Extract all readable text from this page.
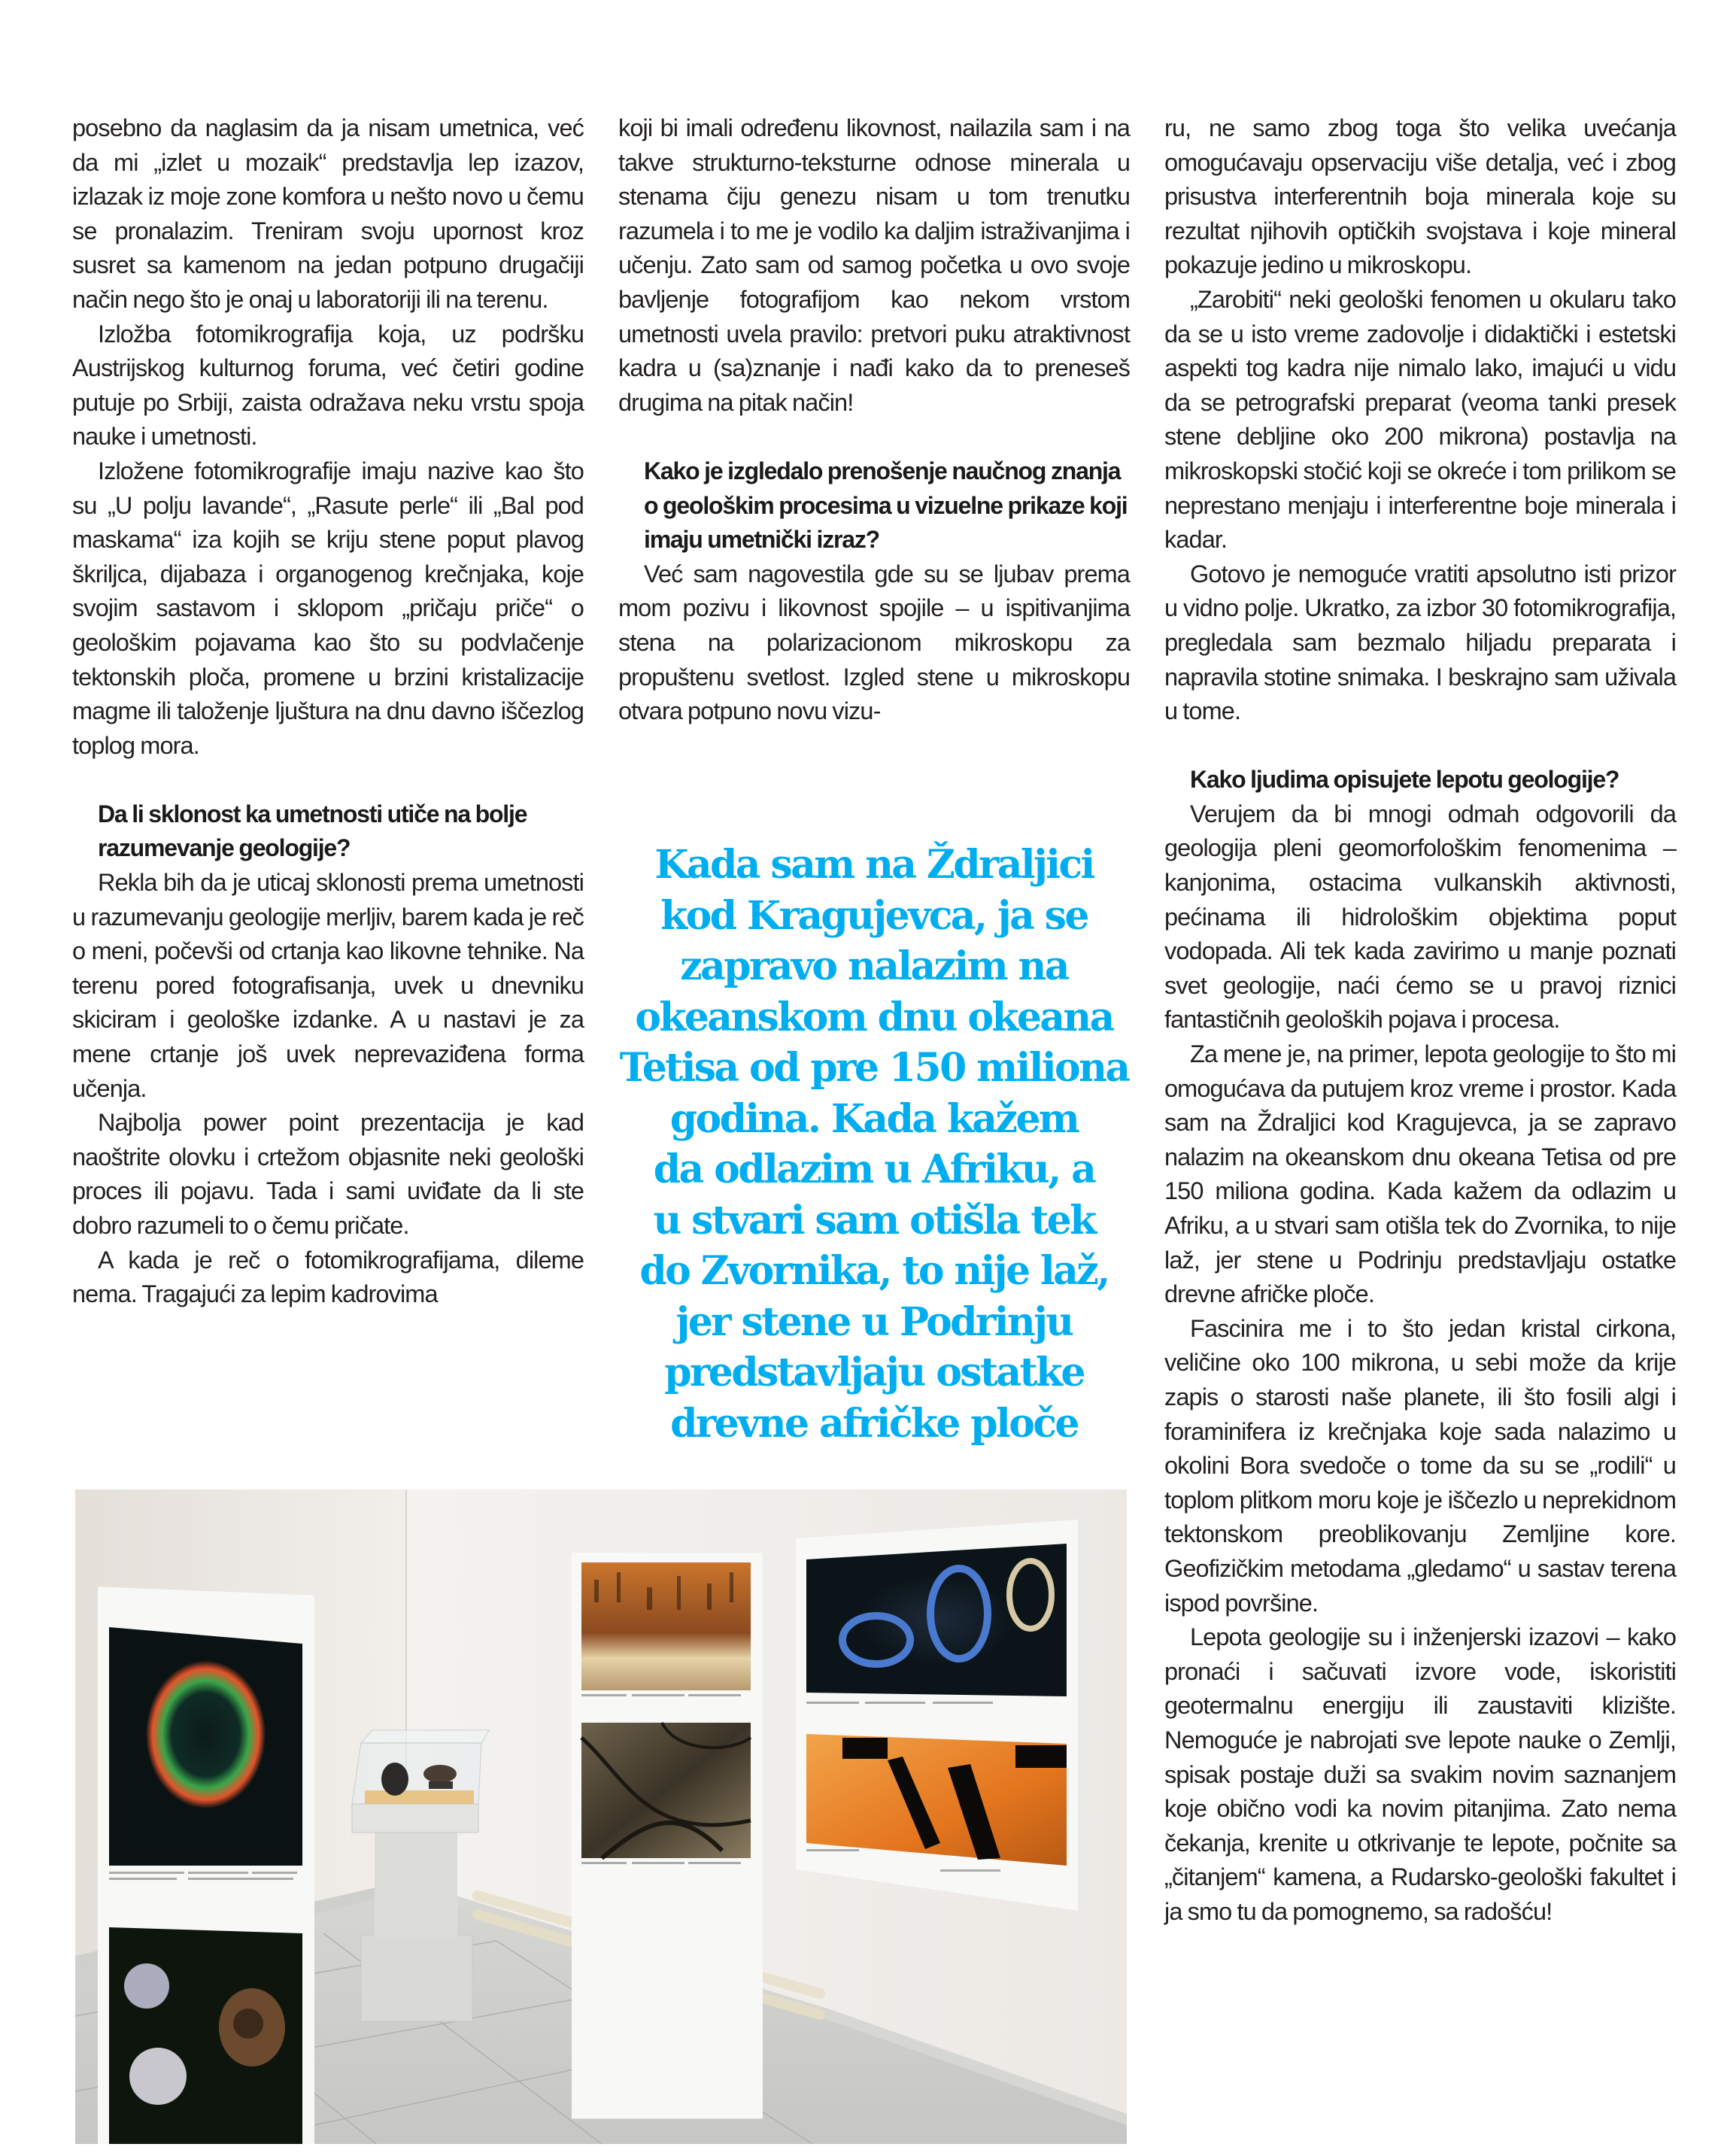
posebno da naglasim da ja nisam umetnica, već da mi „izlet u mozaik“ predstavlja lep izazov, izlazak iz moje zone komfora u nešto novo u čemu se pronalazim. Treniram svoju upornost kroz susret sa kamenom na jedan potpuno drugačiji način nego što je onaj u laboratoriji ili na terenu.

Izložba fotomikrografija koja, uz podršku Austrijskog kulturnog foruma, već četiri godine putuje po Srbiji, zaista odražava neku vrstu spoja nauke i umetnosti.

Izložene fotomikrografije imaju nazive kao što su „U polju lavande“, „Rasute perle“ ili „Bal pod maskama“ iza kojih se kriju stene poput plavog škriljca, dijabaza i organogenog krečnjaka, koje svojim sastavom i sklopom „pričaju priče“ o geološkim pojavama kao što su podvlačenje tektonskih ploča, promene u brzini kristalizacije magme ili taloženje ljuštura na dnu davno iščezlog toplog mora.

Da li sklonost ka umetnosti utiče na bolje razumevanje geologije?

Rekla bih da je uticaj sklonosti prema umetnosti u razumevanju geologije merljiv, barem kada je reč o meni, počevši od crtanja kao likovne tehnike. Na terenu pored fotografisanja, uvek u dnevniku skiciram i geološke izdanke. A u nastavi je za mene crtanje još uvek neprevaziđena forma učenja.

Najbolja power point prezentacija je kad naoštrite olovku i crtežom objasnite neki geološki proces ili pojavu. Tada i sami uviđate da li ste dobro razumeli to o čemu pričate.

A kada je reč o fotomikrografijama, dileme nema. Tragajući za lepim kadrovima

koji bi imali određenu likovnost, nailazila sam i na takve strukturno-teksturne odnose minerala u stenama čiju genezu nisam u tom trenutku razumela i to me je vodilo ka daljim istraživanjima i učenju. Zato sam od samog početka u ovo svoje bavljenje fotografijom kao nekom vrstom umetnosti uvela pravilo: pretvori puku atraktivnost kadra u (sa)znanje i nađi kako da to preneseš drugima na pitak način!

Kako je izgledalo prenošenje naučnog znanja o geološkim procesima u vizuelne prikaze koji imaju umetnički izraz?

Već sam nagovestila gde su se ljubav prema mom pozivu i likovnost spojile – u ispitivanjima stena na polarizacionom mikroskopu za propuštenu svetlost. Izgled stene u mikroskopu otvara potpuno novu vizu-

ru, ne samo zbog toga što velika uvećanja omogućavaju opservaciju više detalja, već i zbog prisustva interferentnih boja minerala koje su rezultat njihovih optičkih svojstava i koje mineral pokazuje jedino u mikroskopu.

„Zarobiti“ neki geološki fenomen u okularu tako da se u isto vreme zadovolje i didaktički i estetski aspekti tog kadra nije nimalo lako, imajući u vidu da se petrografski preparat (veoma tanki presek stene debljine oko 200 mikrona) postavlja na mikroskopski stočić koji se okreće i tom prilikom se neprestano menjaju i interferentne boje minerala i kadar.

Gotovo je nemoguće vratiti apsolutno isti prizor u vidno polje. Ukratko, za izbor 30 fotomikrografija, pregledala sam bezmalo hiljadu preparata i napravila stotine snimaka. I beskrajno sam uživala u tome.

Kako ljudima opisujete lepotu geologije?

Verujem da bi mnogi odmah odgovorili da geologija pleni geomorfološkim fenomenima – kanjonima, ostacima vulkanskih aktivnosti, pećinama ili hidrološkim objektima poput vodopada. Ali tek kada zavirimo u manje poznati svet geologije, naći ćemo se u pravoj riznici fantastičnih geoloških pojava i procesa.

Za mene je, na primer, lepota geologije to što mi omogućava da putujem kroz vreme i prostor. Kada sam na Ždraljici kod Kragujevca, ja se zapravo nalazim na okeanskom dnu okeana Tetisa od pre 150 miliona godina. Kada kažem da odlazim u Afriku, a u stvari sam otišla tek do Zvornika, to nije laž, jer stene u Podrinju predstavljaju ostatke drevne afričke ploče.

Fascinira me i to što jedan kristal cirkona, veličine oko 100 mikrona, u sebi može da krije zapis o starosti naše planete, ili što fosili algi i foraminifera iz krečnjaka koje sada nalazimo u okolini Bora svedoče o tome da su se „rodili“ u toplom plitkom moru koje je iščezlo u neprekidnom tektonskom preoblikovanju Zemljine kore. Geofizičkim metodama „gledamo“ u sastav terena ispod površine.

Lepota geologije su i inženjerski izazovi – kako pronaći i sačuvati izvore vode, iskoristiti geotermalnu energiju ili zaustaviti klizište. Nemoguće je nabrojati sve lepote nauke o Zemlji, spisak postaje duži sa svakim novim saznanjem koje obično vodi ka novim pitanjima. Zato nema čekanja, krenite u otkrivanje te lepote, počnite sa „čitanjem“ kamena, a Rudarsko-geološki fakultet i ja smo tu da pomognemo, sa radošću!

Kada sam na Ždraljici
kod Kragujevca, ja se
zapravo nalazim na
okeanskom dnu okeana
Tetisa od pre 150 miliona
godina. Kada kažem
da odlazim u Afriku, a
u stvari sam otišla tek
do Zvornika, to nije laž,
jer stene u Podrinju
predstavljaju ostatke
drevne afričke ploče
